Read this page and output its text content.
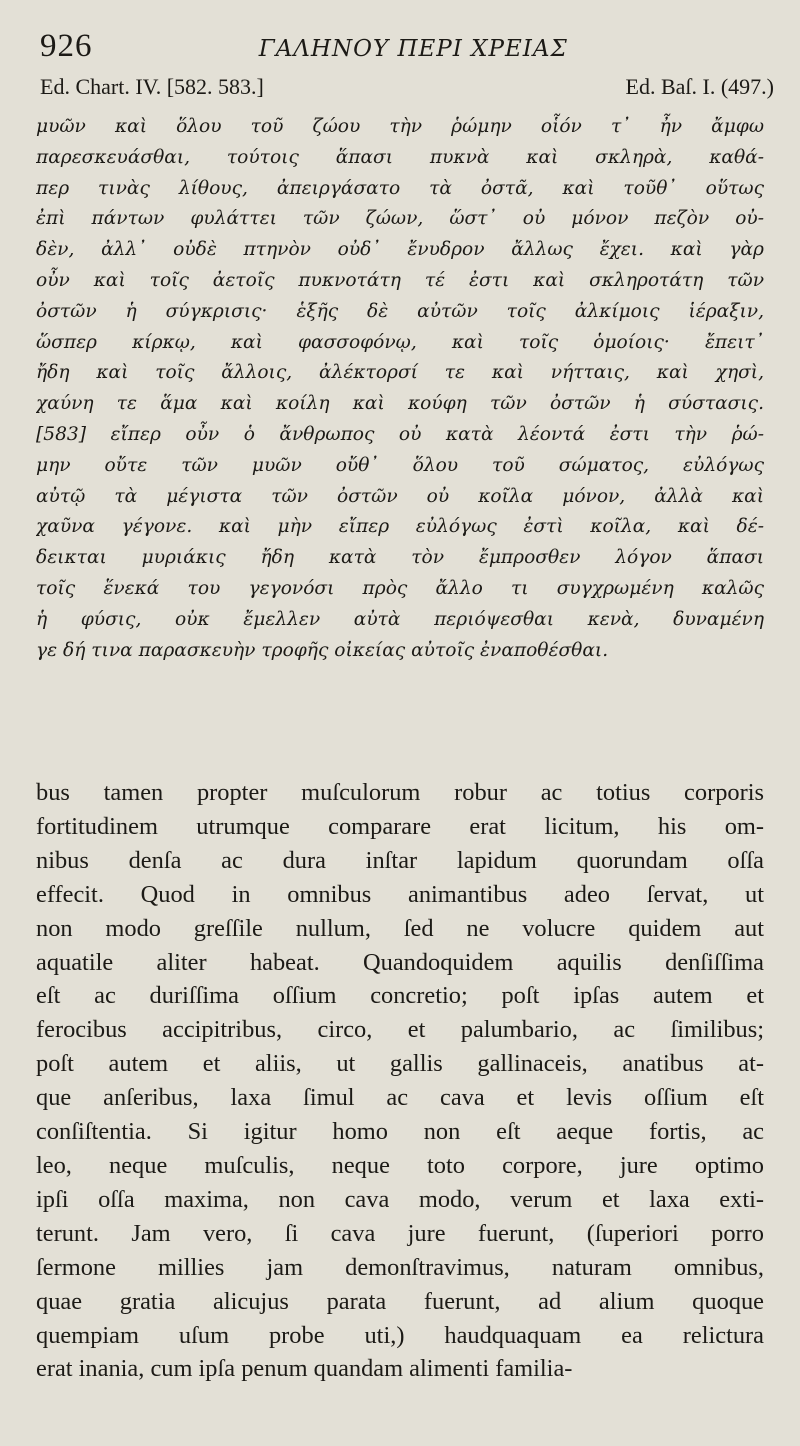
926	ΓΑΛΗΝΟΥ ΠΕΡΙ ΧΡΕΙΑΣ
Ed. Chart. IV. [582. 583.]	Ed. Baſ. I. (497.)
μυῶν καὶ ὅλου τοῦ ζώου τὴν ῥώμην οἷόν τ᾽ ἦν ἄμφω
παρεσκευάσθαι, τούτοις ἅπασι πυκνὰ καὶ σκληρὰ, καθά-
περ τινὰς λίθους, ἀπειργάσατο τὰ ὀστᾶ, καὶ τοῦθ᾽ οὕτως
ἐπὶ πάντων φυλάττει τῶν ζώων, ὥστ᾽ οὐ μόνον πεζὸν οὐ-
δὲν, ἀλλ᾽ οὐδὲ πτηνὸν οὐδ᾽ ἔνυδρον ἄλλως ἔχει. καὶ γὰρ
οὖν καὶ τοῖς ἀετοῖς πυκνοτάτη τέ ἐστι καὶ σκληροτάτη τῶν
ὀστῶν ἡ σύγκρισις· ἑξῆς δὲ αὐτῶν τοῖς ἀλκίμοις ἱέραξιν,
ὥσπερ κίρκῳ, καὶ φασσοφόνῳ, καὶ τοῖς ὁμοίοις· ἔπειτ᾽
ἤδη καὶ τοῖς ἄλλοις, ἀλέκτορσί τε καὶ νήτταις, καὶ χησὶ,
χαύνη τε ἅμα καὶ κοίλη καὶ κούφη τῶν ὀστῶν ἡ σύστασις.
[583] εἴπερ οὖν ὁ ἄνθρωπος οὐ κατὰ λέοντά ἐστι τὴν ῥώ-
μην οὔτε τῶν μυῶν οὔθ᾽ ὅλου τοῦ σώματος, εὐλόγως
αὐτῷ τὰ μέγιστα τῶν ὀστῶν οὐ κοῖλα μόνον, ἀλλὰ καὶ
χαῦνα γέγονε. καὶ μὴν εἴπερ εὐλόγως ἐστὶ κοῖλα, καὶ δέ-
δεικται μυριάκις ἤδη κατὰ τὸν ἔμπροσθεν λόγον ἅπασι
τοῖς ἕνεκά του γεγονόσι πρὸς ἄλλο τι συγχρωμένη καλῶς
ἡ φύσις, οὐκ ἔμελλεν αὐτὰ περιόψεσθαι κενὰ, δυναμένη
γε δή τινα παρασκευὴν τροφῆς οἰκείας αὐτοῖς ἐναποθέσθαι.
bus tamen propter muſculorum robur ac totius corporis
fortitudinem utrumque comparare erat licitum, his om-
nibus denſa ac dura inſtar lapidum quorundam oſſa
effecit. Quod in omnibus animantibus adeo ſervat, ut
non modo greſſile nullum, ſed ne volucre quidem aut
aquatile aliter habeat. Quandoquidem aquilis denſiſſima
eſt ac duriſſima oſſium concretio; poſt ipſas autem et
ferocibus accipitribus, circo, et palumbario, ac ſimilibus;
poſt autem et aliis, ut gallis gallinaceis, anatibus at-
que anſeribus, laxa ſimul ac cava et levis oſſium eſt
conſiſtentia. Si igitur homo non eſt aeque fortis, ac
leo, neque muſculis, neque toto corpore, jure optimo
ipſi oſſa maxima, non cava modo, verum et laxa exti-
terunt. Jam vero, ſi cava jure fuerunt, (ſuperiori porro
ſermone millies jam demonſtravimus, naturam omnibus,
quae gratia alicujus parata fuerunt, ad alium quoque
quempiam uſum probe uti,) haudquaquam ea relictura
erat inania, cum ipſa penum quandam alimenti familia-
